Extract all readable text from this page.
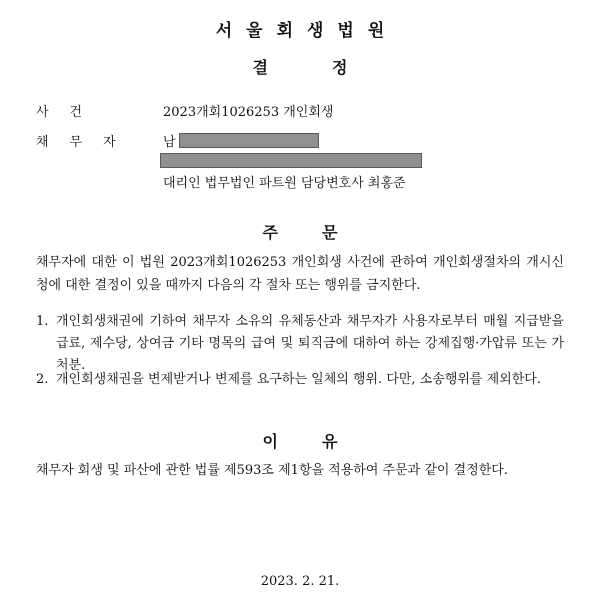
서울회생법원
결정
사건	2023개회1026253 개인회생
채무자 남
대리인 법무법인 파트원 담당변호사 최홍준
주문
채무자에 대한 이 법원 2023개회1026253 개인회생 사건에 관하여 개인회생절차의 개시신청에 대한 결정이 있을 때까지 다음의 각 절차 또는 행위를 금지한다.
1. 개인회생채권에 기하여 채무자 소유의 유체동산과 채무자가 사용자로부터 매월 지급받을 급료, 제수당, 상여금 기타 명목의 급여 및 퇴직금에 대하여 하는 강제집행·가압류 또는 가처분.
2. 개인회생채권을 변제받거나 변제를 요구하는 일체의 행위. 다만, 소송행위를 제외한다.
이유
채무자 회생 및 파산에 관한 법률 제593조 제1항을 적용하여 주문과 같이 결정한다.
2023. 2. 21.
